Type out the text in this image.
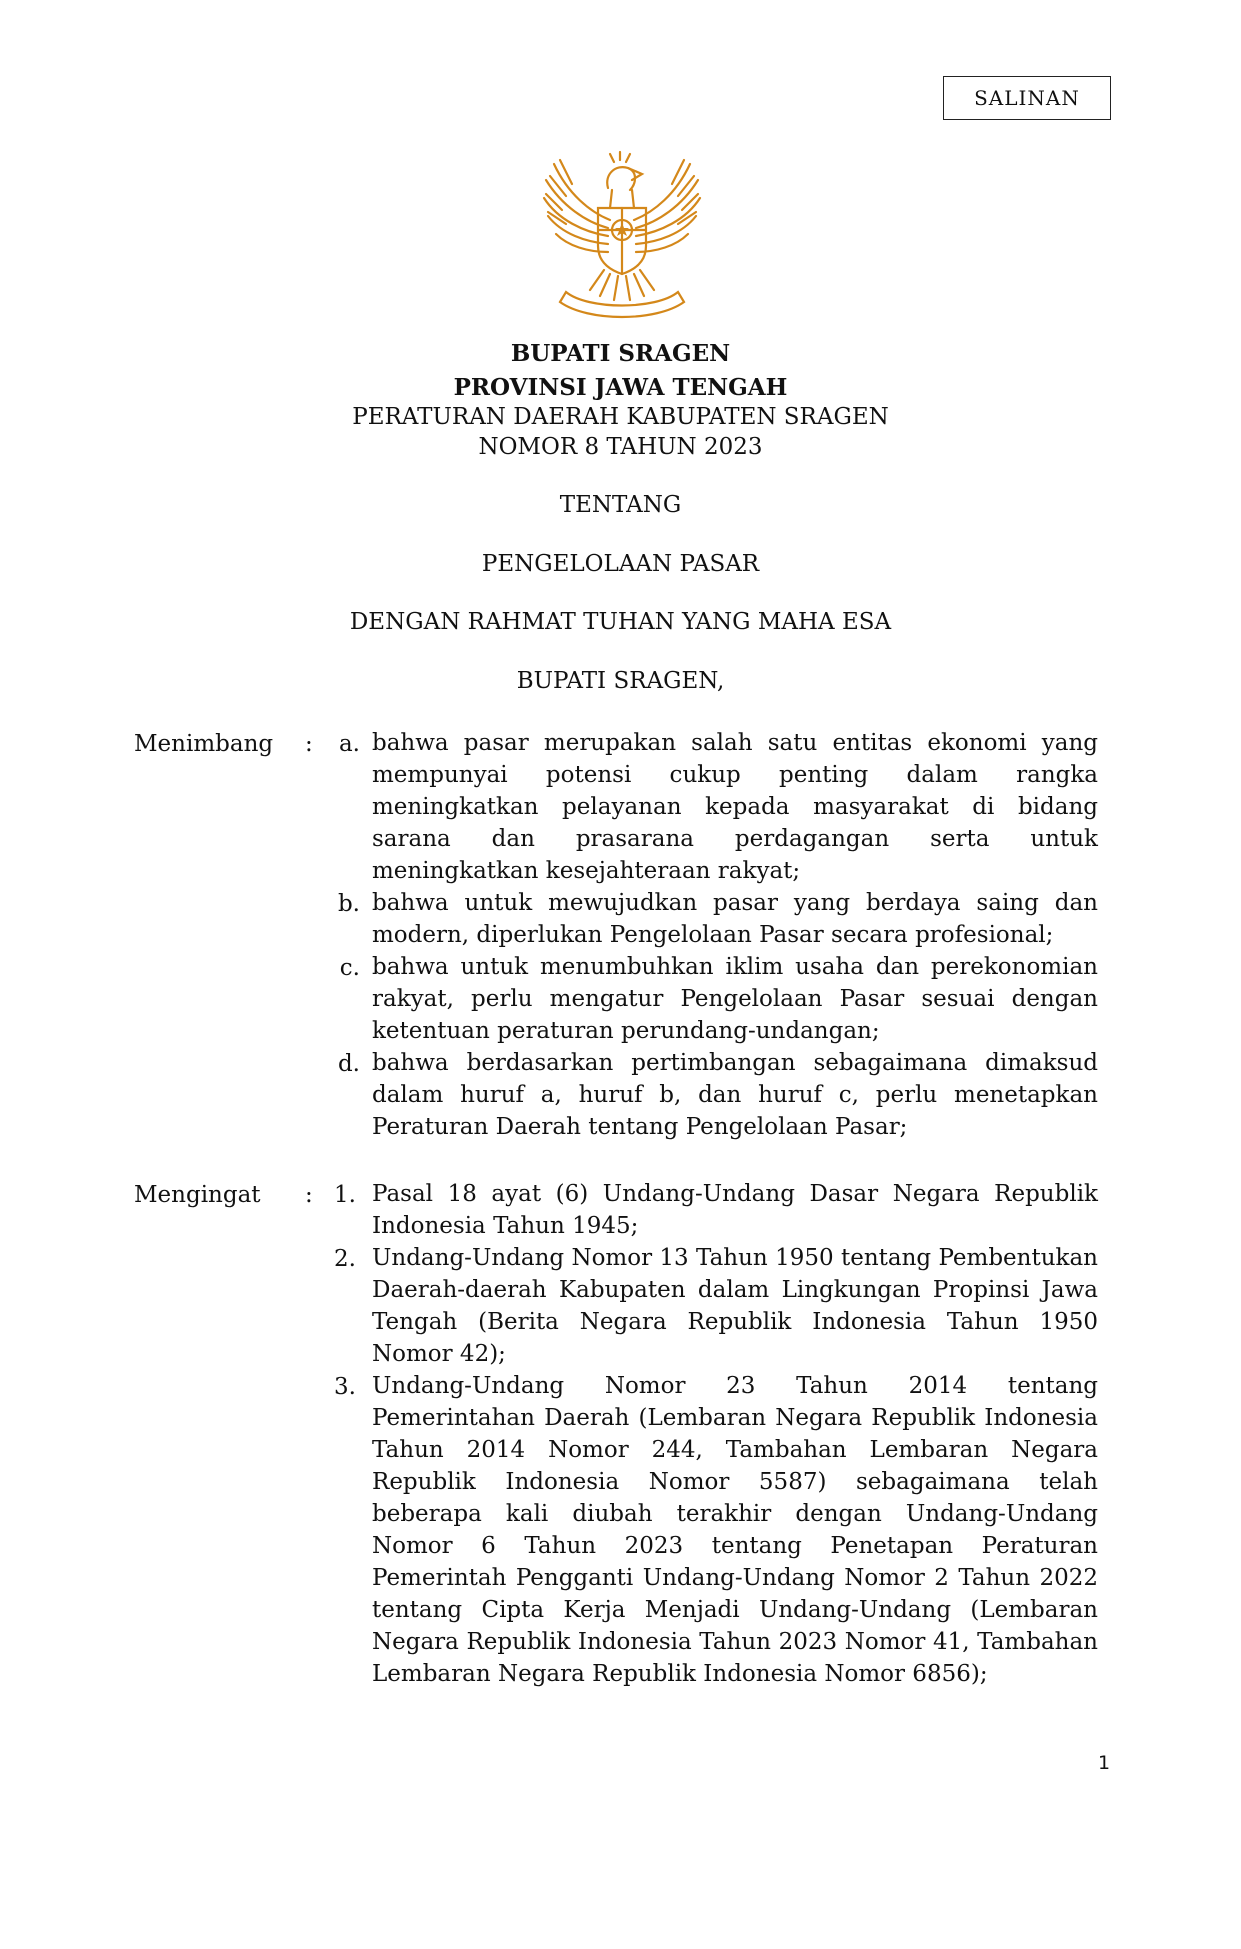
SALINAN
BUPATI SRAGEN
PROVINSI JAWA TENGAH
PERATURAN DAERAH KABUPATEN SRAGEN
NOMOR 8 TAHUN 2023
TENTANG
PENGELOLAAN PASAR
DENGAN RAHMAT TUHAN YANG MAHA ESA
BUPATI SRAGEN,
Menimbang :	a. bahwa pasar merupakan salah satu entitas ekonomi yang mempunyai potensi cukup penting dalam rangka meningkatkan pelayanan kepada masyarakat di bidang sarana dan prasarana perdagangan serta untuk meningkatkan kesejahteraan rakyat;
b. bahwa untuk mewujudkan pasar yang berdaya saing dan modern, diperlukan Pengelolaan Pasar secara profesional;
c. bahwa untuk menumbuhkan iklim usaha dan perekonomian rakyat, perlu mengatur Pengelolaan Pasar sesuai dengan ketentuan peraturan perundang-undangan;
d. bahwa berdasarkan pertimbangan sebagaimana dimaksud dalam huruf a, huruf b, dan huruf c, perlu menetapkan Peraturan Daerah tentang Pengelolaan Pasar;
Mengingat : 1. Pasal 18 ayat (6) Undang-Undang Dasar Negara Republik Indonesia Tahun 1945;
2. Undang-Undang Nomor 13 Tahun 1950 tentang Pembentukan Daerah-daerah Kabupaten dalam Lingkungan Propinsi Jawa Tengah (Berita Negara Republik Indonesia Tahun 1950 Nomor 42);
3. Undang-Undang Nomor 23 Tahun 2014 tentang Pemerintahan Daerah (Lembaran Negara Republik Indonesia Tahun 2014 Nomor 244, Tambahan Lembaran Negara Republik Indonesia Nomor 5587) sebagaimana telah beberapa kali diubah terakhir dengan Undang-Undang Nomor 6 Tahun 2023 tentang Penetapan Peraturan Pemerintah Pengganti Undang-Undang Nomor 2 Tahun 2022 tentang Cipta Kerja Menjadi Undang-Undang (Lembaran Negara Republik Indonesia Tahun 2023 Nomor 41, Tambahan Lembaran Negara Republik Indonesia Nomor 6856);
1
